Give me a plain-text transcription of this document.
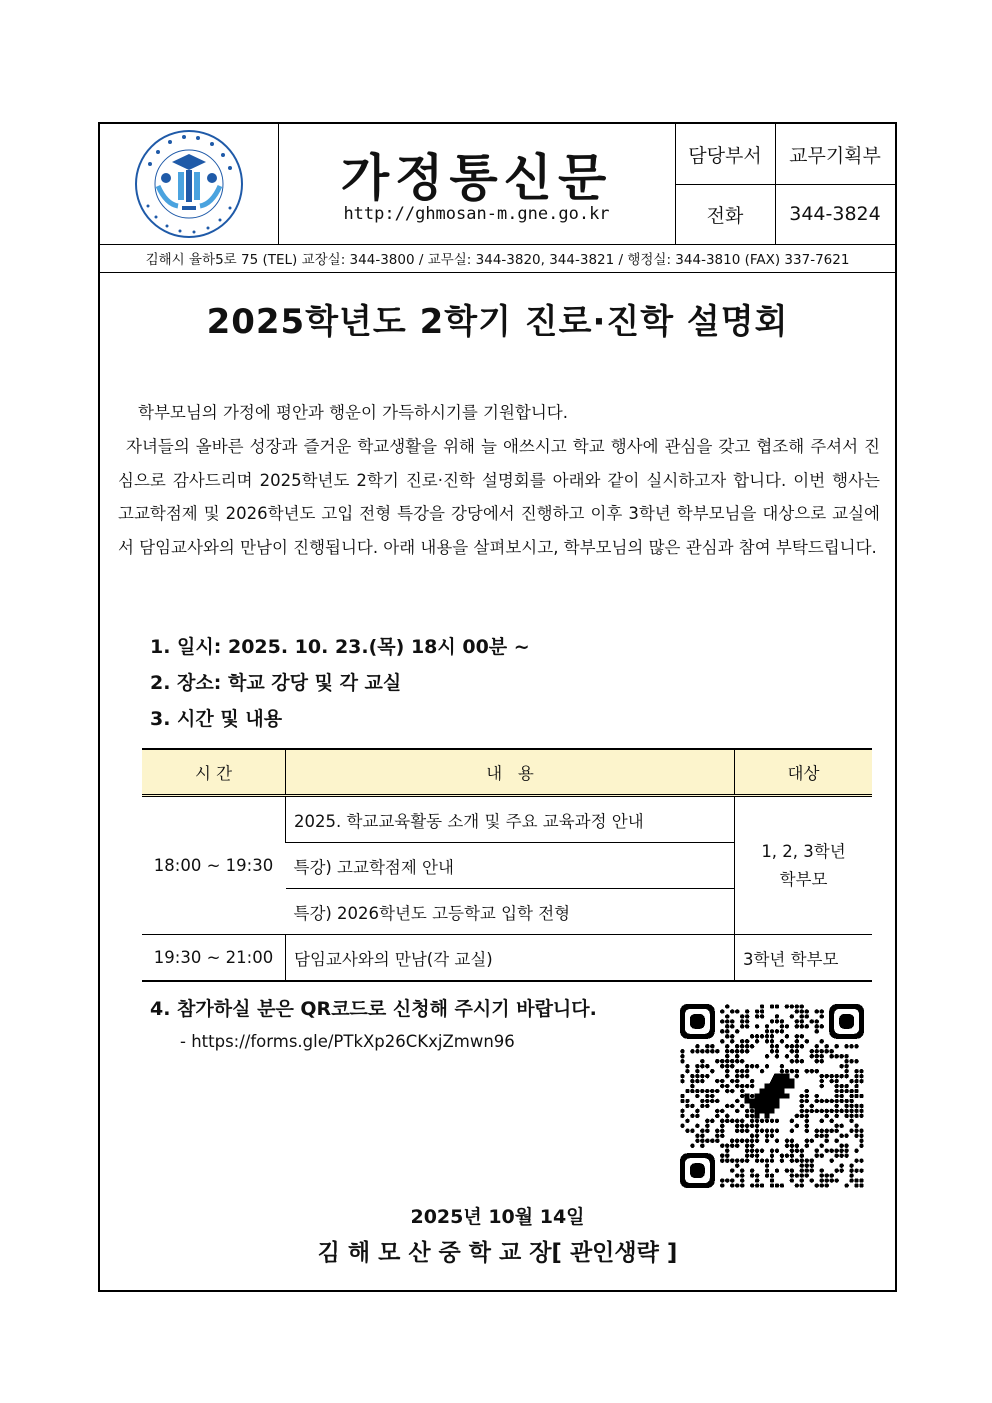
가정통신문
http://ghmosan-m.gne.go.kr
담당부서	교무기획부
전화	344-3824
김해시 율하5로 75 (TEL) 교장실: 344-3800 / 교무실: 344-3820, 344-3821 / 행정실: 344-3810 (FAX) 337-7621
2025학년도 2학기 진로·진학 설명회
학부모님의 가정에 평안과 행운이 가득하시기를 기원합니다.
자녀들의 올바른 성장과 즐거운 학교생활을 위해 늘 애쓰시고 학교 행사에 관심을 갖고 협조해 주셔서 진심으로 감사드리며 2025학년도 2학기 진로·진학 설명회를 아래와 같이 실시하고자 합니다. 이번 행사는 고교학점제 및 2026학년도 고입 전형 특강을 강당에서 진행하고 이후 3학년 학부모님을 대상으로 교실에서 담임교사와의 만남이 진행됩니다. 아래 내용을 살펴보시고, 학부모님의 많은 관심과 참여 부탁드립니다.
1. 일시: 2025. 10. 23.(목) 18시 00분 ~
2. 장소: 학교 강당 및 각 교실
3. 시간 및 내용
시 간	내   용	대상
18:00 ~ 19:30	2025. 학교교육활동 소개 및 주요 교육과정 안내	1, 2, 3학년
학부모

	특강) 고교학점제 안내	
	특강) 2026학년도 고등학교 입학 전형	
19:30 ~ 21:00	담임교사와의 만남(각 교실)	3학년 학부모
4. 참가하실 분은 QR코드로 신청해 주시기 바랍니다.
- https://forms.gle/PTkXp26CKxjZmwn96
2025년 10월 14일
김 해 모 산 중 학 교 장[ 관인생략 ]
